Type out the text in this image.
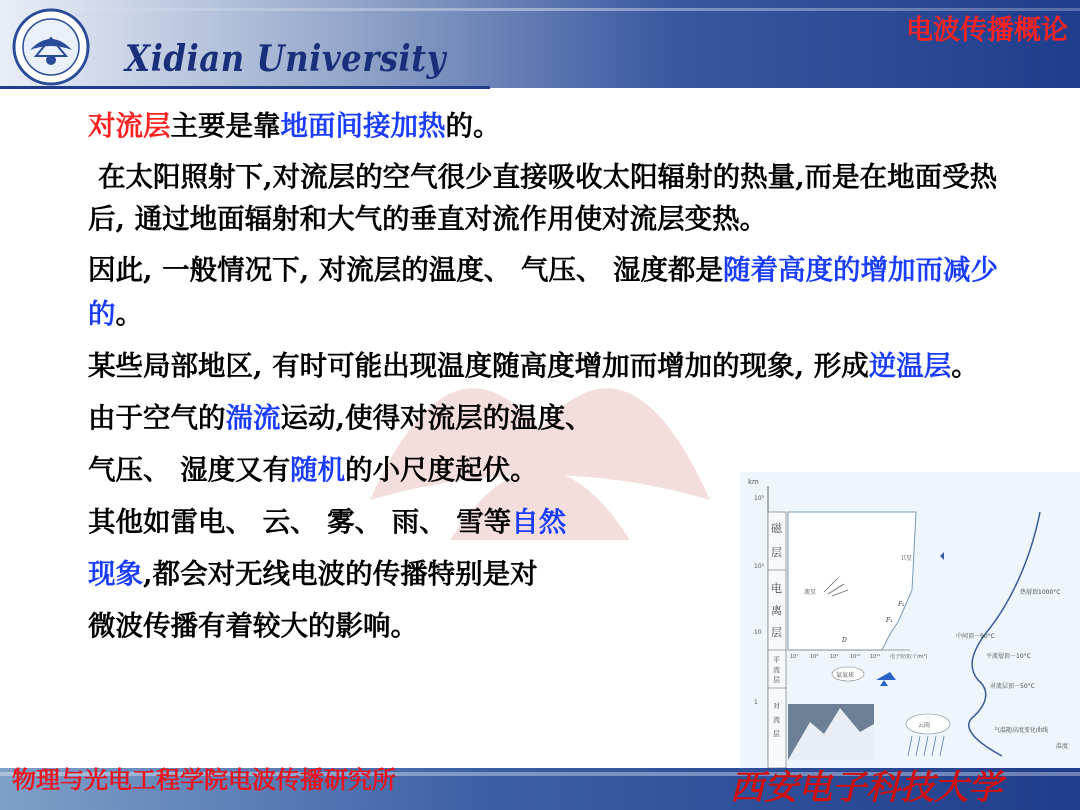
Xidian University
电波传播概论

对流层主要是靠地面间接加热的。

在太阳照射下,对流层的空气很少直接吸收太阳辐射的热量,而是在地面受热后, 通过地面辐射和大气的垂直对流作用使对流层变热。

因此, 一般情况下, 对流层的温度、 气压、 湿度都是随着高度的增加而减少的。

某些局部地区, 有时可能出现温度随高度增加而增加的现象, 形成逆温层。

由于空气的湍流运动,使得对流层的温度、

气压、 湿度又有随机的小尺度起伏。

其他如雷电、 云、 雾、 雨、 雪等自然

现象,都会对无线电波的传播特别是对

微波传播有着较大的影响。

km
10³
10²
10
1
磁
层
电
离
层
平
流
层
对
流
层
10⁷ 10⁸ 10⁹ 10¹⁰ 10¹¹ 电子密度(个/m³)
D
F₁
F₂
流星
卫星
热層頂1000°C
中间顶－90°C
平流層頂－10°C
对流层顶－50°C
气温随高度变化曲线
温度
氣氣球
云雨
物理与光电工程学院电波传播研究所	西安电子科技大学
